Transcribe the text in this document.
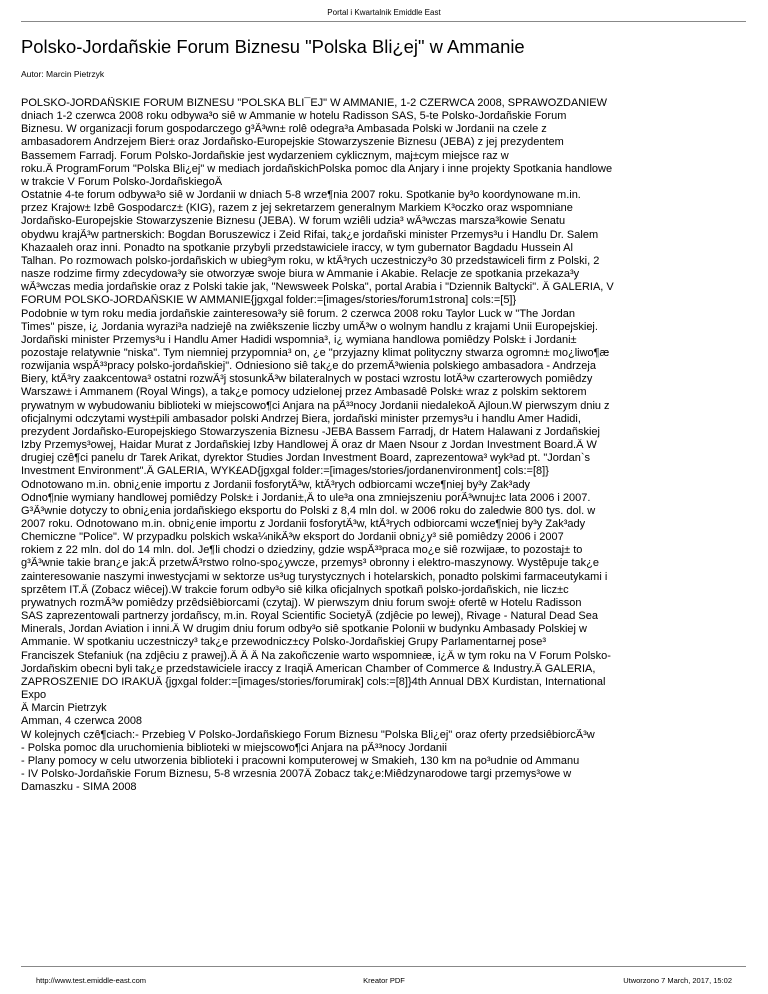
Portal i Kwartalnik Emiddle East
Polsko-Jordañskie Forum Biznesu "Polska Bli¿ej" w Ammanie
Autor: Marcin Pietrzyk
POLSKO-JORDAÑSKIE FORUM BIZNESU "POLSKA BLI¯EJ" W AMMANIE, 1-2 CZERWCA 2008, SPRAWOZDANIEW
dniach 1-2 czerwca 2008 roku odbywa³o siê w Ammanie w hotelu Radisson SAS, 5-te Polsko-Jordañskie Forum
Biznesu. W organizacji forum gospodarczego g³Ã³wn± rolê odegra³a Ambasada Polski w Jordanii na czele z
ambasadorem Andrzejem Bier± oraz Jordañsko-Europejskie Stowarzyszenie Biznesu (JEBA) z jej prezydentem
Bassemem Farradj. Forum Polsko-Jordañskie jest wydarzeniem cyklicznym, maj±cym miejsce raz w
roku.Â ProgramForum "Polska Bli¿ej" w mediach jordañskichPolska pomoc dla Anjary i inne projekty Spotkania handlowe
w trakcie V Forum Polsko-JordañskiegoÂ
Ostatnie 4-te forum odbywa³o siê w Jordanii w dniach 5-8 wrze¶nia 2007 roku. Spotkanie by³o koordynowane m.in.
przez Krajow± Izbê Gospodarcz± (KIG), razem z jej sekretarzem generalnym Markiem K³oczko oraz wspomniane
Jordañsko-Europejskie Stowarzyszenie Biznesu (JEBA). W forum wziêli udzia³ wÃ³wczas marsza³kowie Senatu
obydwu krajÃ³w partnerskich: Bogdan Boruszewicz i Zeid Rifai, tak¿e jordañski minister Przemys³u i Handlu Dr. Salem
Khazaaleh oraz inni. Ponadto na spotkanie przybyli przedstawiciele iraccy, w tym gubernator Bagdadu Hussein Al
Talhan. Po rozmowach polsko-jordañskich w ubieg³ym roku, w ktÃ³rych uczestniczy³o 30 przedstawiceli firm z Polski, 2
nasze rodzime firmy zdecydowa³y sie otworzyæ swoje biura w Ammanie i Akabie. Relacje ze spotkania przekaza³y
wÃ³wczas media jordañskie oraz z Polski takie jak, "Newsweek Polska", portal Arabia i "Dziennik Baltycki". Â GALERIA, V
FORUM POLSKO-JORDAÑSKIE W AMMANIE{jgxgal folder:=[images/stories/forum1strona] cols:=[5]}
Podobnie w tym roku media jordañskie zainteresowa³y siê forum. 2 czerwca 2008 roku Taylor Luck w "The Jordan
Times" pisze, i¿ Jordania wyrazi³a nadziejê na zwiêkszenie liczby umÃ³w o wolnym handlu z krajami Unii Europejskiej.
Jordañski minister Przemys³u i Handlu Amer Hadidi wspomnia³, i¿ wymiana handlowa pomiêdzy Polsk± i Jordani±
pozostaje relatywnie "niska". Tym niemniej przypomnia³ on, ¿e "przyjazny klimat polityczny stwarza ogromn± mo¿liwo¶æ
rozwijania wspÃ³³pracy polsko-jordañskiej". Odniesiono siê tak¿e do przemÃ³wienia polskiego ambasadora - Andrzeja
Biery, ktÃ³ry zaakcentowa³ ostatni rozwÃ³j stosunkÃ³w bilateralnych w postaci wzrostu lotÃ³w czarterowych pomiêdzy
Warszaw± i Ammanem (Royal Wings), a tak¿e pomocy udzielonej przez Ambasadê Polsk± wraz z polskim sektorem
prywatnym w wybudowaniu biblioteki w miejscowo¶ci Anjara na pÃ³³nocy Jordanii niedalekoÂ Ajloun.W pierwszym dniu z
oficjalnymi odczytami wyst±pili ambasador polski Andrzej Biera, jordañski minister przemys³u i handlu Amer Hadidi,
prezydent Jordañsko-Europejskiego Stowarzyszenia Biznesu -JEBA Bassem Farradj, dr Hatem Halawani z Jordañskiej
Izby Przemys³owej, Haidar Murat z Jordañskiej Izby Handlowej Â oraz dr Maen Nsour z Jordan Investment Board.Â W
drugiej czê¶ci panelu dr Tarek Arikat, dyrektor Studies Jordan Investment Board, zaprezentowa³ wyk³ad pt. "Jordan`s
Investment Environment".Â GALERIA, WYK£AD{jgxgal folder:=[images/stories/jordanenvironment] cols:=[8]}
Odnotowano m.in. obni¿enie importu z Jordanii fosforytÃ³w, ktÃ³rych odbiorcami wcze¶niej by³y Zak³ady
Odno¶nie wymiany handlowej pomiêdzy Polsk± i Jordani±,Â to ule³a ona zmniejszeniu porÃ³wnuj±c lata 2006 i 2007.
G³Ã³wnie dotyczy to obni¿enia jordañskiego eksportu do Polski z 8,4 mln dol. w 2006 roku do zaledwie 800 tys. dol. w
2007 roku. Odnotowano m.in. obni¿enie importu z Jordanii fosforytÃ³w, ktÃ³rych odbiorcami wcze¶niej by³y Zak³ady
Chemiczne "Police". W przypadku polskich wska¼nikÃ³w eksport do Jordanii obni¿y³ siê pomiêdzy 2006 i 2007
rokiem z 22 mln. dol do 14 mln. dol. Je¶li chodzi o dziedziny, gdzie wspÃ³³praca mo¿e siê rozwijaæ, to pozostaj± to
g³Ã³wnie takie bran¿e jak:Â przetwÃ³rstwo rolno-spo¿ywcze, przemys³ obronny i elektro-maszynowy. Wystêpuje tak¿e
zainteresowanie naszymi inwestycjami w sektorze us³ug turystycznych i hotelarskich, ponadto polskimi farmaceutykami i
sprzêtem IT.Â (Zobacz wiêcej).W trakcie forum odby³o siê kilka oficjalnych spotkañ polsko-jordañskich, nie licz±c
prywatnych rozmÃ³w pomiêdzy przêdsiêbiorcami (czytaj). W pierwszym dniu forum swoj± ofertê w Hotelu Radisson
SAS zaprezentowali partnerzy jordañscy, m.in. Royal Scientific SocietyÂ (zdjêcie po lewej), Rivage - Natural Dead Sea
Minerals, Jordan Aviation i inni.Â W drugim dniu forum odby³o siê spotkanie Polonii w budynku Ambasady Polskiej w
Ammanie. W spotkaniu uczestniczy³ tak¿e przewodnicz±cy Polsko-Jordañskiej Grupy Parlamentarnej pose³
Franciszek Stefaniuk (na zdjêciu z prawej).Â Â Â Na zakoñczenie warto wspomnieæ, i¿Â w tym roku na V Forum Polsko-
Jordañskim obecni byli tak¿e przedstawiciele iraccy z IraqiÂ American Chamber of Commerce & Industry.Â GALERIA,
ZAPROSZENIE DO IRAKUÂ {jgxgal folder:=[images/stories/forumirak] cols:=[8]}4th Annual DBX Kurdistan, International
Expo
Â Marcin Pietrzyk
Amman, 4 czerwca 2008
W kolejnych czê¶ciach:- Przebieg V Polsko-Jordañskiego Forum Biznesu "Polska Bli¿ej" oraz oferty przedsiêbiorcÃ³w
- Polska pomoc dla uruchomienia biblioteki w miejscowo¶ci Anjara na pÃ³³nocy Jordanii
- Plany pomocy w celu utworzenia biblioteki i pracowni komputerowej w Smakieh, 130 km na po³udnie od Ammanu
- IV Polsko-Jordañskie Forum Biznesu, 5-8 wrzesnia 2007Â Zobacz tak¿e:Miêdzynarodowe targi przemys³owe w
Damaszku - SIMA 2008
http://www.test.emiddle-east.com	Kreator PDF	Utworzono 7 March, 2017, 15:02
